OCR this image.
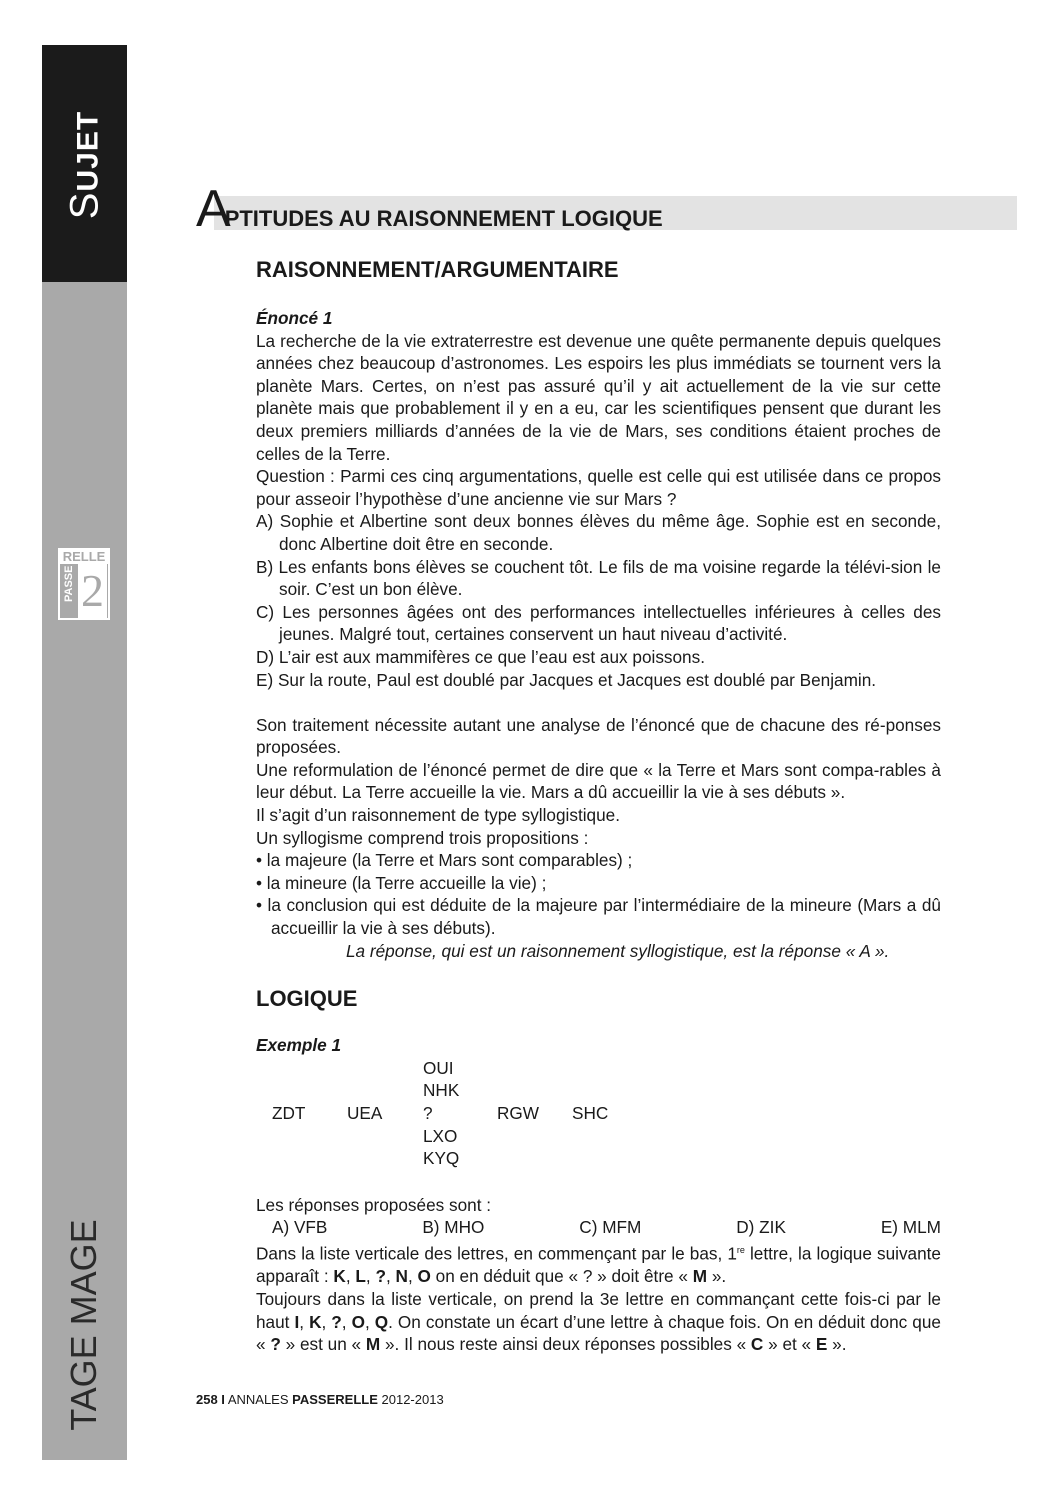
SUJET
RELLE
PASSE 2
TAGE MAGE
APTITUDES AU RAISONNEMENT LOGIQUE
RAISONNEMENT/ARGUMENTAIRE
Énoncé 1

La recherche de la vie extraterrestre est devenue une quête permanente depuis quelques années chez beaucoup d’astronomes. Les espoirs les plus immédiats se tournent vers la planète Mars. Certes, on n’est pas assuré qu’il y ait actuellement de la vie sur cette planète mais que probablement il y en a eu, car les scientifiques pensent que durant les deux premiers milliards d’années de la vie de Mars, ses conditions étaient proches de celles de la Terre.

Question : Parmi ces cinq argumentations, quelle est celle qui est utilisée dans ce propos pour asseoir l’hypothèse d’une ancienne vie sur Mars ?

A) Sophie et Albertine sont deux bonnes élèves du même âge. Sophie est en seconde, donc Albertine doit être en seconde.
B) Les enfants bons élèves se couchent tôt. Le fils de ma voisine regarde la télévi-sion le soir. C’est un bon élève.
C) Les personnes âgées ont des performances intellectuelles inférieures à celles des jeunes. Malgré tout, certaines conservent un haut niveau d’activité.
D) L’air est aux mammifères ce que l’eau est aux poissons.
E) Sur la route, Paul est doublé par Jacques et Jacques est doublé par Benjamin.

Son traitement nécessite autant une analyse de l’énoncé que de chacune des ré-ponses proposées.

Une reformulation de l’énoncé permet de dire que « la Terre et Mars sont compa-rables à leur début. La Terre accueille la vie. Mars a dû accueillir la vie à ses débuts ».

Il s’agit d’un raisonnement de type syllogistique.

Un syllogisme comprend trois propositions :

• la majeure (la Terre et Mars sont comparables) ;
• la mineure (la Terre accueille la vie) ;
• la conclusion qui est déduite de la majeure par l’intermédiaire de la mineure (Mars a dû accueillir la vie à ses débuts).
La réponse, qui est un raisonnement syllogistique, est la réponse « A ».
LOGIQUE
Exemple 1
OUI
NHK
ZDT UEA ?	RGW SHC
LXO
KYQ

Les réponses proposées sont :

A) VFB	B) MHO	C) MFM	D) ZIK	E) MLM

Dans la liste verticale des lettres, en commençant par le bas, 1re lettre, la logique suivante apparaît : K, L, ?, N, O on en déduit que « ? » doit être « M ».

Toujours dans la liste verticale, on prend la 3e lettre en commançant cette fois-ci par le haut I, K, ?, O, Q. On constate un écart d’une lettre à chaque fois. On en déduit donc que « ? » est un « M ». Il nous reste ainsi deux réponses possibles « C » et « E ».

258 I ANNALES PASSERELLE 2012-2013
